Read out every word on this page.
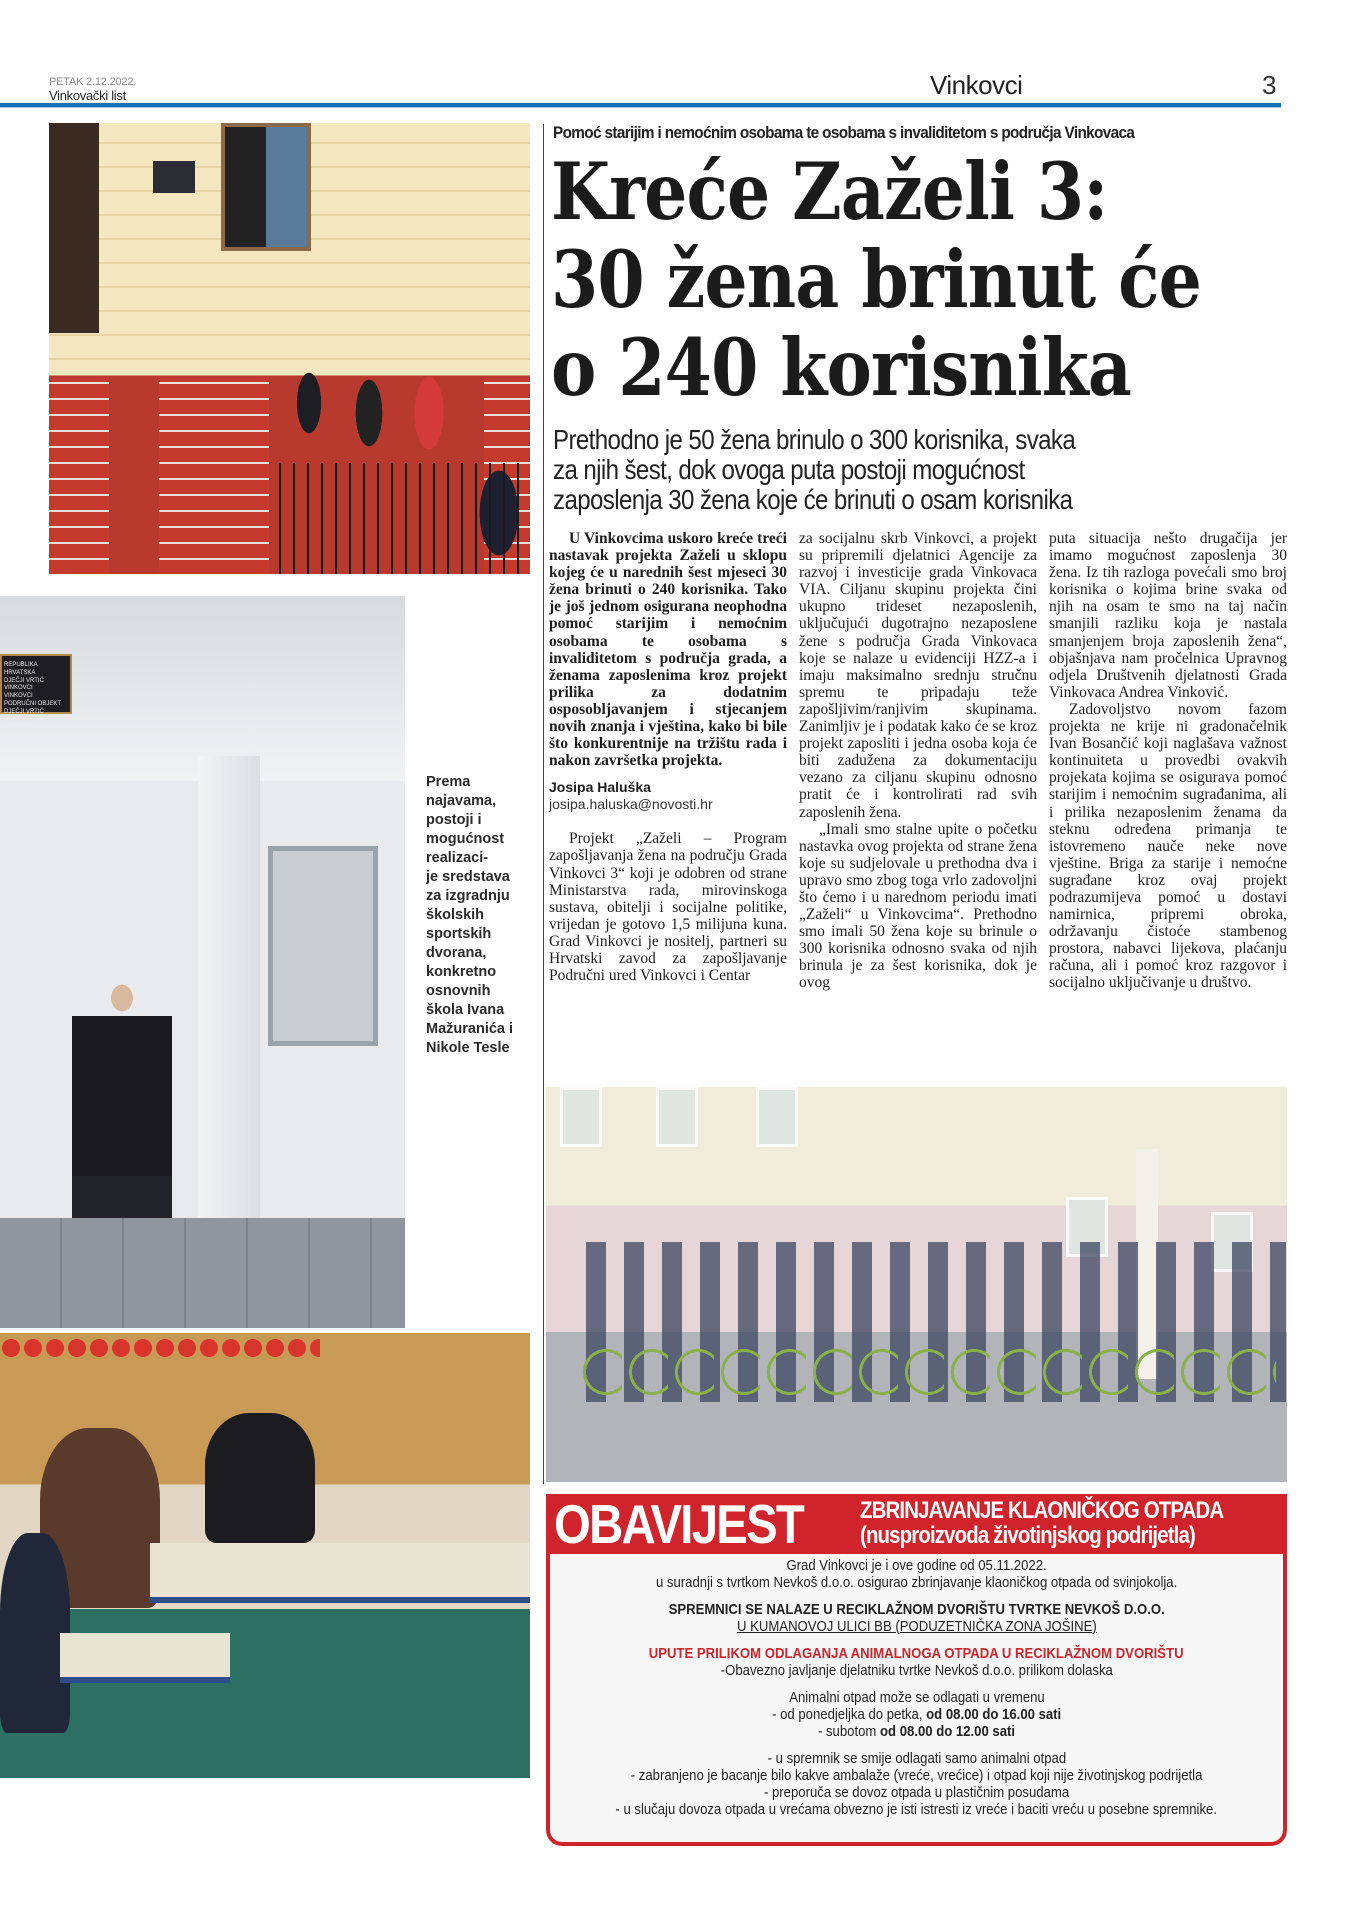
PETAK 2.12.2022.
Vinkovački list	Vinkovci	3
REPUBLIKA HRVATSKA
DJEČJI VRTIĆ VINKOVCI
VINKOVCI
PODRUČNI OBJEKT
DJEČJI VRTIĆ »STRIBOR«
Prema
najavama,
postoji i
mogućnost
realizaci-
je sredstava
za izgradnju
školskih
sportskih
dvorana,
konkretno
osnovnih
škola Ivana
Mažuranića i
Nikole Tesle
Pomoć starijim i nemoćnim osobama te osobama s invaliditetom s područja Vinkovaca
Kreće Zaželi 3:
30 žena brinut će
o 240 korisnika
Prethodno je 50 žena brinulo o 300 korisnika, svaka
za njih šest, dok ovoga puta postoji mogućnost
zaposlenja 30 žena koje će brinuti o osam korisnika

U Vinkovcima uskoro kreće treći nastavak projekta Zaželi u sklopu kojeg će u narednih šest mjeseci 30 žena brinuti o 240 korisnika. Tako je još jednom osigurana neophodna pomoć starijim i nemoćnim osobama te osobama s invaliditetom s područja grada, a ženama zaposlenima kroz projekt prilika za dodatnim osposobljavanjem i stjecanjem novih znanja i vještina, kako bi bile što konkurentnije na tržištu rada i nakon završetka projekta.

Josipa Haluška
josipa.haluska@novosti.hr

Projekt „Zaželi – Program zapošljavanja žena na području Grada Vinkovci 3“ koji je odobren od strane Ministarstva rada, mirovinskoga sustava, obitelji i socijalne politike, vrijedan je gotovo 1,5 milijuna kuna. Grad Vinkovci je nositelj, partneri su Hrvatski zavod za zapošljavanje Područni ured Vinkovci i Centar

za socijalnu skrb Vinkovci, a projekt su pripremili djelatnici Agencije za razvoj i investicije grada Vinkovaca VIA. Ciljanu skupinu projekta čini ukupno trideset nezaposlenih, uključujući dugotrajno nezaposlene žene s područja Grada Vinkovaca koje se nalaze u evidenciji HZZ-a i imaju maksimalno srednju stručnu spremu te pripadaju teže zapošljivim/ranjivim skupinama. Zanimljiv je i podatak kako će se kroz projekt zaposliti i jedna osoba koja će biti zadužena za dokumentaciju vezano za ciljanu skupinu odnosno pratit će i kontrolirati rad svih zaposlenih žena.

„Imali smo stalne upite o početku nastavka ovog projekta od strane žena koje su sudjelovale u prethodna dva i upravo smo zbog toga vrlo zadovoljni što ćemo i u narednom periodu imati „Zaželi“ u Vinkovcima“. Prethodno smo imali 50 žena koje su brinule o 300 korisnika odnosno svaka od njih brinula je za šest korisnika, dok je ovog

puta situacija nešto drugačija jer imamo mogućnost zaposlenja 30 žena. Iz tih razloga povećali smo broj korisnika o kojima brine svaka od njih na osam te smo na taj način smanjili razliku koja je nastala smanjenjem broja zaposlenih žena“, objašnjava nam pročelnica Upravnog odjela Društvenih djelatnosti Grada Vinkovaca Andrea Vinković.

Zadovoljstvo novom fazom projekta ne krije ni gradonačelnik Ivan Bosančić koji naglašava važnost kontinuiteta u provedbi ovakvih projekata kojima se osigurava pomoć starijim i nemoćnim sugrađanima, ali i prilika nezaposlenim ženama da steknu određena primanja te istovremeno nauče neke nove vještine. Briga za starije i nemoćne sugrađane kroz ovaj projekt podrazumijeva pomoć u dostavi namirnica, pripremi obroka, održavanju čistoće stambenog prostora, nabavci lijekova, plaćanju računa, ali i pomoć kroz razgovor i socijalno uključivanje u društvo.

OBAVIJEST ZBRINJAVANJE KLAONIČKOG OTPADA
(nusproizvoda životinjskog podrijetla)
Grad Vinkovci je i ove godine od 05.11.2022.
u suradnji s tvrtkom Nevkoš d.o.o. osigurao zbrinjavanje klaoničkog otpada od svinjokolja.
SPREMNICI SE NALAZE U RECIKLAŽNOM DVORIŠTU TVRTKE NEVKOŠ D.O.O.
U KUMANOVOJ ULICI BB (PODUZETNIČKA ZONA JOŠINE)
UPUTE PRILIKOM ODLAGANJA ANIMALNOGA OTPADA U RECIKLAŽNOM DVORIŠTU
-Obavezno javljanje djelatniku tvrtke Nevkoš d.o.o. prilikom dolaska
Animalni otpad može se odlagati u vremenu
- od ponedjeljka do petka, od 08.00 do 16.00 sati
- subotom od 08.00 do 12.00 sati
- u spremnik se smije odlagati samo animalni otpad
- zabranjeno je bacanje bilo kakve ambalaže (vreće, vrećice) i otpad koji nije životinjskog podrijetla
- preporuča se dovoz otpada u plastičnim posudama
- u slučaju dovoza otpada u vrećama obvezno je isti istresti iz vreće i baciti vreću u posebne spremnike.
